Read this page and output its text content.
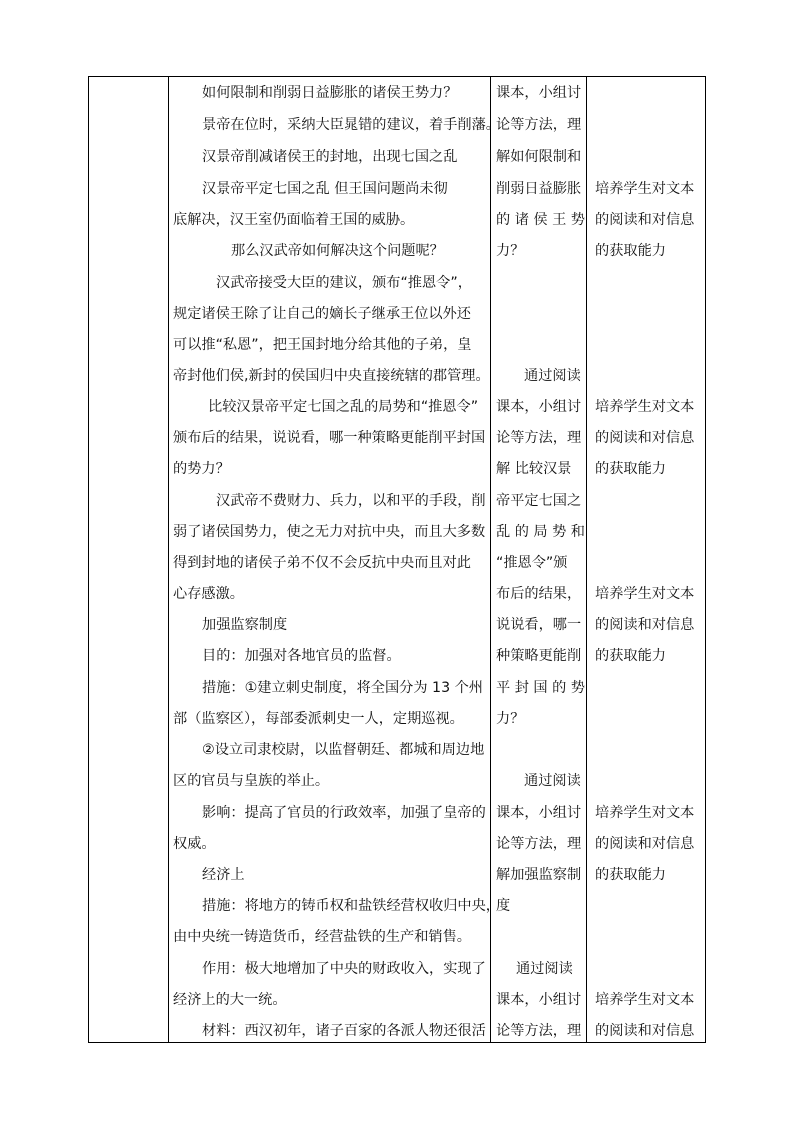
如何限制和削弱日益膨胀的诸侯王势力？
景帝在位时，采纳大臣晁错的建议，着手削藩。
汉景帝削减诸侯王的封地，出现七国之乱
汉景帝平定七国之乱 但王国问题尚未彻
底解决，汉王室仍面临着王国的威胁。
那么汉武帝如何解决这个问题呢？
汉武帝接受大臣的建议，颁布“推恩令”，
规定诸侯王除了让自己的嫡长子继承王位以外还
可以推“私恩”，把王国封地分给其他的子弟，皇
帝封他们侯,新封的侯国归中央直接统辖的郡管理。
比较汉景帝平定七国之乱的局势和“推恩令”
颁布后的结果，说说看，哪一种策略更能削平封国
的势力？
汉武帝不费财力、兵力，以和平的手段，削
弱了诸侯国势力，使之无力对抗中央，而且大多数
得到封地的诸侯子弟不仅不会反抗中央而且对此
心存感激。
加强监察制度
目的：加强对各地官员的监督。
措施：①建立刺史制度，将全国分为 13 个州
部（监察区），每部委派刺史一人，定期巡视。
②设立司隶校尉，以监督朝廷、都城和周边地
区的官员与皇族的举止。
影响：提高了官员的行政效率，加强了皇帝的
权威。
经济上
措施：将地方的铸币权和盐铁经营权收归中央，
由中央统一铸造货币，经营盐铁的生产和销售。
作用：极大地增加了中央的财政收入，实现了
经济上的大一统。
材料：西汉初年，诸子百家的各派人物还很活
课本，小组讨
论等方法，理
解如何限制和
削弱日益膨胀
的 诸 侯 王 势
力？
通过阅读
课本，小组讨
论等方法，理
解 比较汉景
帝平定七国之
乱 的 局 势 和
“推恩令”颁
布后的结果，
说说看，哪一
种策略更能削
平 封 国 的 势
力？
通过阅读
课本，小组讨
论等方法，理
解加强监察制
度
通过阅读
课本，小组讨
论等方法，理
培养学生对文本
的阅读和对信息
的获取能力
培养学生对文本
的阅读和对信息
的获取能力
培养学生对文本
的阅读和对信息
的获取能力
培养学生对文本
的阅读和对信息
的获取能力
培养学生对文本
的阅读和对信息
